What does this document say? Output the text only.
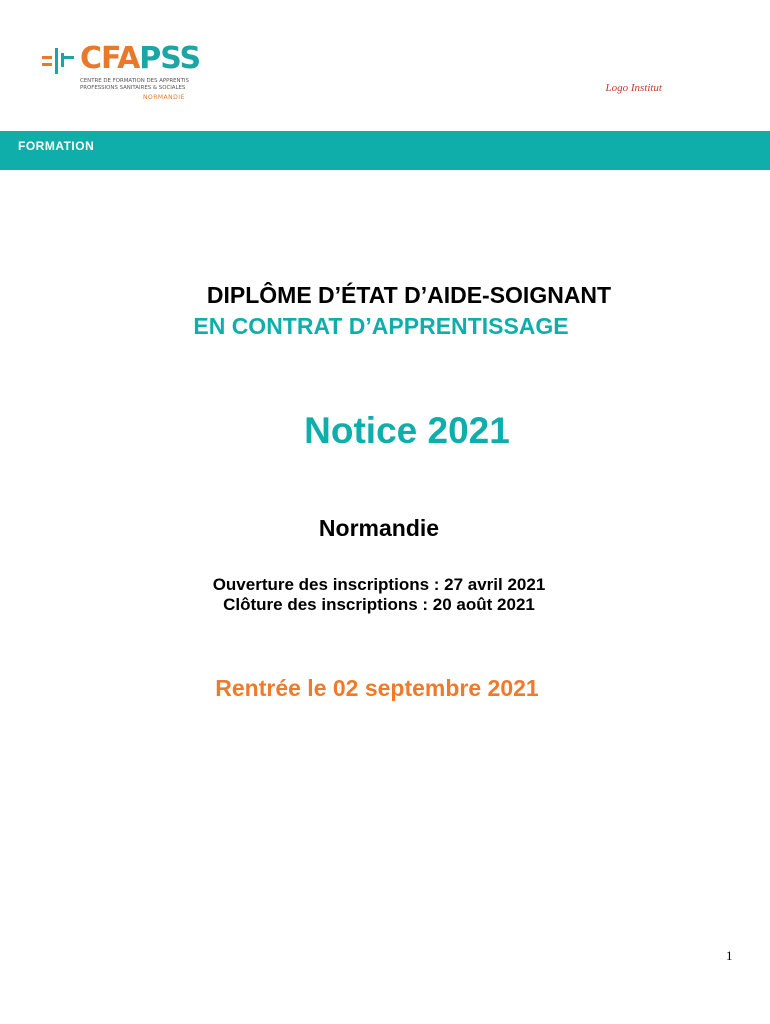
CFAPSS
CENTRE DE FORMATION DES APPRENTIS
PROFESSIONS SANITAIRES & SOCIALES
NORMANDIE
Logo Institut
FORMATION
DIPLÔME D’ÉTAT D’AIDE-SOIGNANT
EN CONTRAT D’APPRENTISSAGE
Notice 2021
Normandie
Ouverture des inscriptions : 27 avril 2021
Clôture des inscriptions : 20 août 2021
Rentrée le 02 septembre 2021
1
